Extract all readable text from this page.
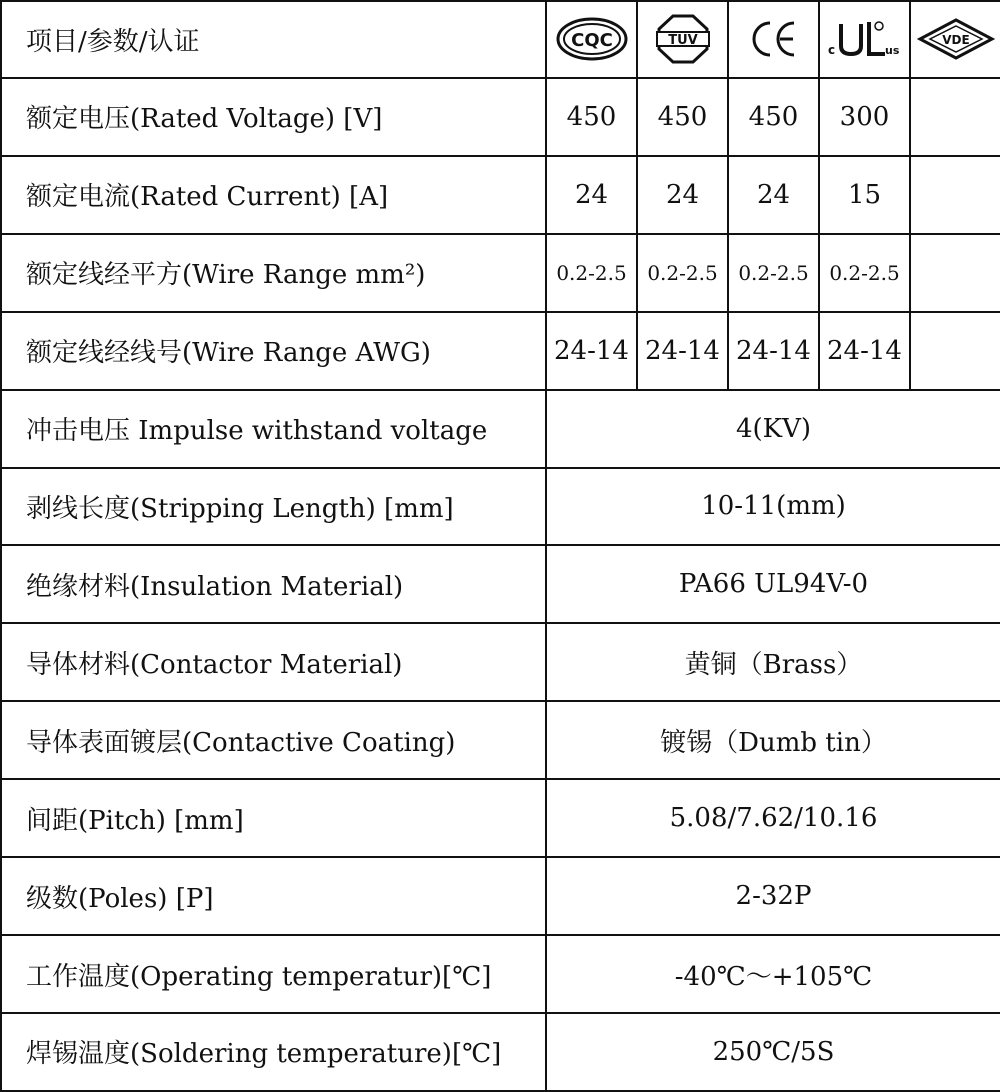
项目/参数/认证	CQC	TUV		c us	VDE

额定电压(Rated Voltage) [V]	450	450	450	300	
额定电流(Rated Current) [A]	24	24	24	15	
额定线经平方(Wire Range mm²)	0.2-2.5	0.2-2.5	0.2-2.5	0.2-2.5	
额定线经线号(Wire Range AWG)	24-14	24-14	24-14	24-14	
冲击电压 Impulse withstand voltage	4(KV)				
剥线长度(Stripping Length) [mm]	10-11(mm)				
绝缘材料(Insulation Material)	PA66 UL94V-0				
导体材料(Contactor Material)	黄铜（Brass）				
导体表面镀层(Contactive Coating)	镀锡（Dumb tin）				
间距(Pitch) [mm]	5.08/7.62/10.16				
级数(Poles) [P]	2-32P				
工作温度(Operating temperatur)[℃]	-40℃～+105℃				
焊锡温度(Soldering temperature)[℃]	250℃/5S				
